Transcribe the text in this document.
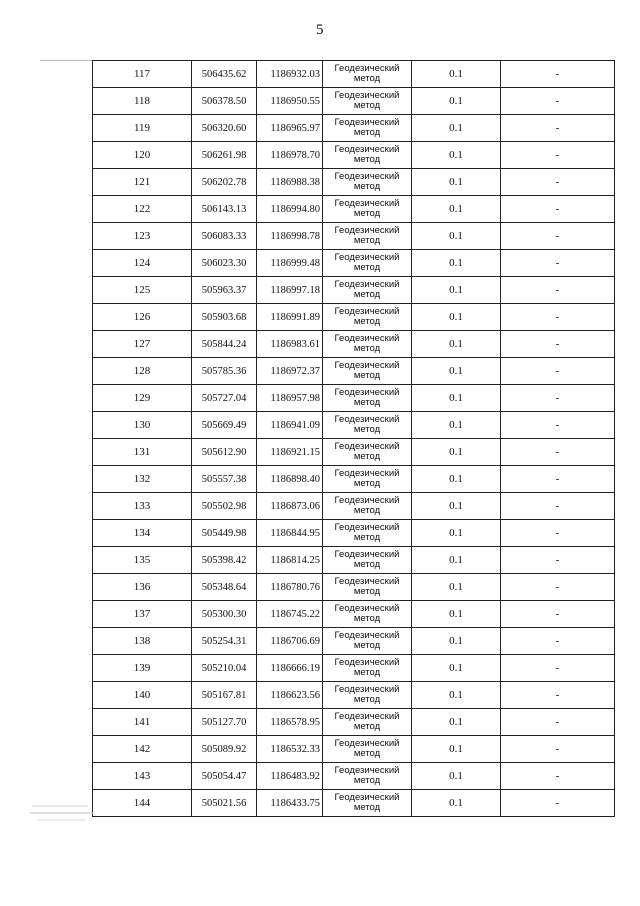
5
117	506435.62	1186932.03	Геодезический метод	0.1	-
118	506378.50	1186950.55	Геодезический метод	0.1	-
119	506320.60	1186965.97	Геодезический метод	0.1	-
120	506261.98	1186978.70	Геодезический метод	0.1	-
121	506202.78	1186988.38	Геодезический метод	0.1	-
122	506143.13	1186994.80	Геодезический метод	0.1	-
123	506083.33	1186998.78	Геодезический метод	0.1	-
124	506023.30	1186999.48	Геодезический метод	0.1	-
125	505963.37	1186997.18	Геодезический метод	0.1	-
126	505903.68	1186991.89	Геодезический метод	0.1	-
127	505844.24	1186983.61	Геодезический метод	0.1	-
128	505785.36	1186972.37	Геодезический метод	0.1	-
129	505727.04	1186957.98	Геодезический метод	0.1	-
130	505669.49	1186941.09	Геодезический метод	0.1	-
131	505612.90	1186921.15	Геодезический метод	0.1	-
132	505557.38	1186898.40	Геодезический метод	0.1	-
133	505502.98	1186873.06	Геодезический метод	0.1	-
134	505449.98	1186844.95	Геодезический метод	0.1	-
135	505398.42	1186814.25	Геодезический метод	0.1	-
136	505348.64	1186780.76	Геодезический метод	0.1	-
137	505300.30	1186745.22	Геодезический метод	0.1	-
138	505254.31	1186706.69	Геодезический метод	0.1	-
139	505210.04	1186666.19	Геодезический метод	0.1	-
140	505167.81	1186623.56	Геодезический метод	0.1	-
141	505127.70	1186578.95	Геодезический метод	0.1	-
142	505089.92	1186532.33	Геодезический метод	0.1	-
143	505054.47	1186483.92	Геодезический метод	0.1	-
144	505021.56	1186433.75	Геодезический метод	0.1	-
